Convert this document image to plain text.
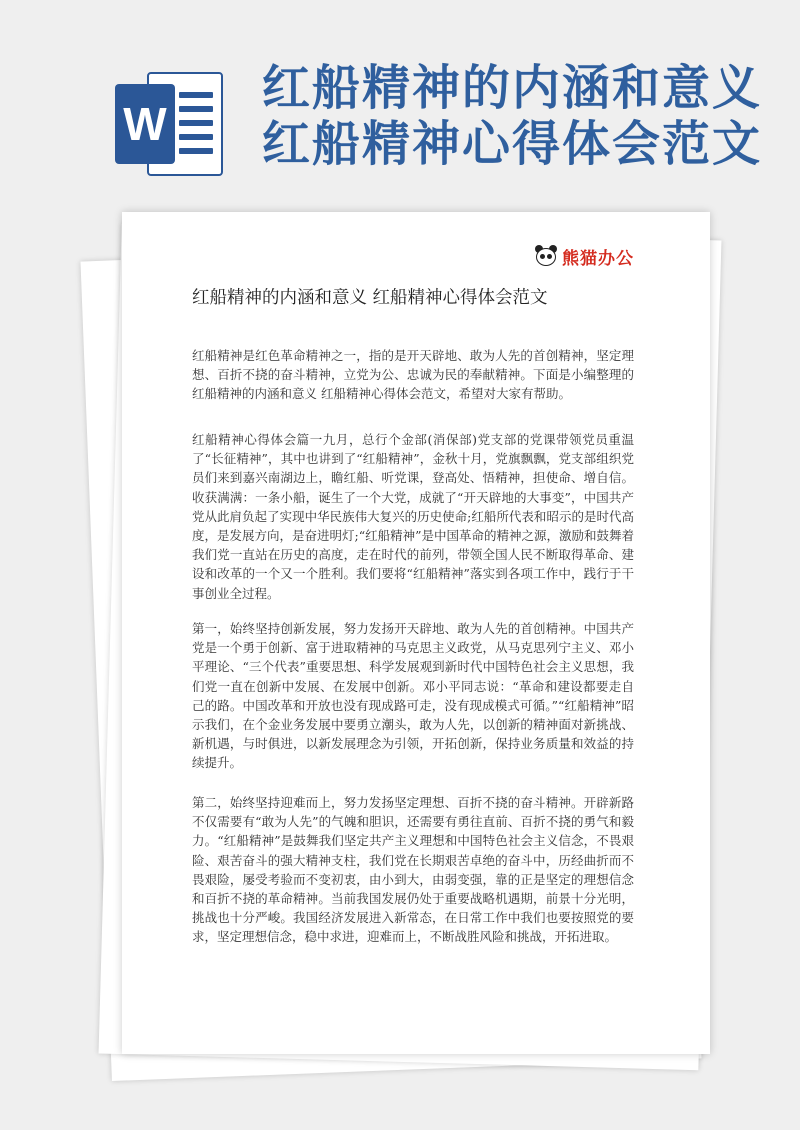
W
红船精神的内涵和意义
红船精神心得体会范文
熊猫办公
红船精神的内涵和意义 红船精神心得体会范文

红船精神是红色革命精神之一，指的是开天辟地、敢为人先的首创精神，坚定理想、百折不挠的奋斗精神，立党为公、忠诚为民的奉献精神。下面是小编整理的红船精神的内涵和意义 红船精神心得体会范文，希望对大家有帮助。

红船精神心得体会篇一九月，总行个金部(消保部)党支部的党课带领党员重温了“长征精神”，其中也讲到了“红船精神”，金秋十月，党旗飘飘，党支部组织党员们来到嘉兴南湖边上，瞻红船、听党课，登高处、悟精神，担使命、增自信。收获满满：一条小船，诞生了一个大党，成就了“开天辟地的大事变”，中国共产党从此肩负起了实现中华民族伟大复兴的历史使命;红船所代表和昭示的是时代高度，是发展方向，是奋进明灯;“红船精神”是中国革命的精神之源，激励和鼓舞着我们党一直站在历史的高度，走在时代的前列，带领全国人民不断取得革命、建设和改革的一个又一个胜利。我们要将“红船精神”落实到各项工作中，践行于干事创业全过程。

第一，始终坚持创新发展，努力发扬开天辟地、敢为人先的首创精神。中国共产党是一个勇于创新、富于进取精神的马克思主义政党，从马克思列宁主义、邓小平理论、“三个代表”重要思想、科学发展观到新时代中国特色社会主义思想，我们党一直在创新中发展、在发展中创新。邓小平同志说：“革命和建设都要走自己的路。中国改革和开放也没有现成路可走，没有现成模式可循。”“红船精神”昭示我们，在个金业务发展中要勇立潮头，敢为人先，以创新的精神面对新挑战、新机遇，与时俱进，以新发展理念为引领，开拓创新，保持业务质量和效益的持续提升。

第二，始终坚持迎难而上，努力发扬坚定理想、百折不挠的奋斗精神。开辟新路不仅需要有“敢为人先”的气魄和胆识，还需要有勇往直前、百折不挠的勇气和毅力。“红船精神”是鼓舞我们坚定共产主义理想和中国特色社会主义信念，不畏艰险、艰苦奋斗的强大精神支柱，我们党在长期艰苦卓绝的奋斗中，历经曲折而不畏艰险，屡受考验而不变初衷，由小到大，由弱变强，靠的正是坚定的理想信念和百折不挠的革命精神。当前我国发展仍处于重要战略机遇期，前景十分光明，挑战也十分严峻。我国经济发展进入新常态，在日常工作中我们也要按照党的要求，坚定理想信念，稳中求进，迎难而上，不断战胜风险和挑战，开拓进取。
